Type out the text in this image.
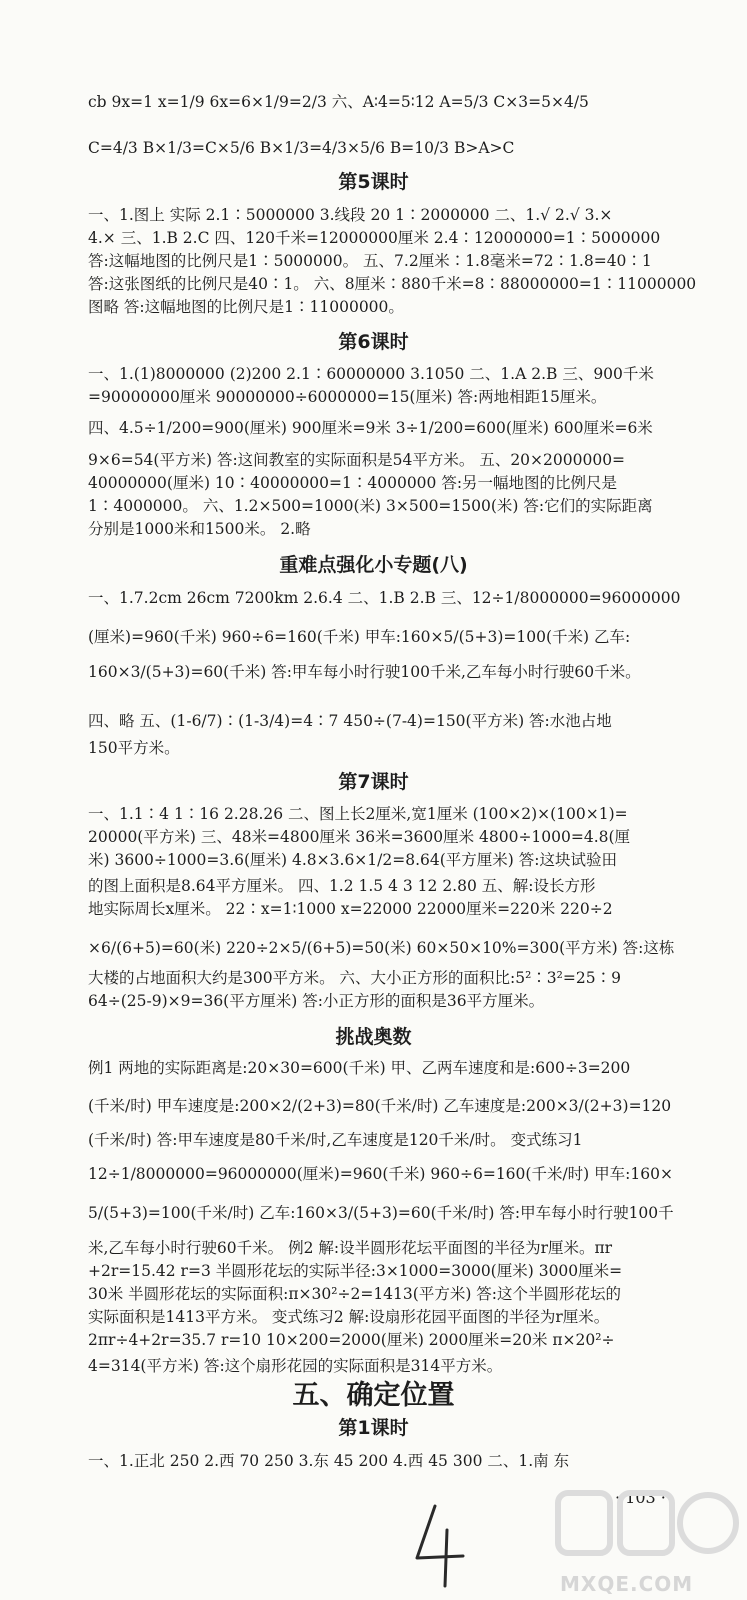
cb 9x=1 x=1/9 6x=6×1/9=2/3 六、A∶4=5∶12 A=5/3 C×3=5×4/5
C=4/3 B×1/3=C×5/6 B×1/3=4/3×5/6 B=10/3 B>A>C
一、1.图上 实际 2.1∶5000000 3.线段 20 1∶2000000 二、1.√ 2.√ 3.×
4.× 三、1.B 2.C 四、120千米=12000000厘米 2.4∶12000000=1∶5000000
答:这幅地图的比例尺是1∶5000000。 五、7.2厘米∶1.8毫米=72∶1.8=40∶1
答:这张图纸的比例尺是40∶1。 六、8厘米∶880千米=8∶88000000=1∶11000000
图略 答:这幅地图的比例尺是1∶11000000。
一、1.(1)8000000 (2)200 2.1∶60000000 3.1050 二、1.A 2.B 三、900千米
=90000000厘米 90000000÷6000000=15(厘米) 答:两地相距15厘米。
四、4.5÷1/200=900(厘米) 900厘米=9米 3÷1/200=600(厘米) 600厘米=6米
9×6=54(平方米) 答:这间教室的实际面积是54平方米。 五、20×2000000=
40000000(厘米) 10∶40000000=1∶4000000 答:另一幅地图的比例尺是
1∶4000000。 六、1.2×500=1000(米) 3×500=1500(米) 答:它们的实际距离
分别是1000米和1500米。 2.略
一、1.7.2cm 26cm 7200km 2.6.4 二、1.B 2.B 三、12÷1/8000000=96000000
(厘米)=960(千米) 960÷6=160(千米) 甲车:160×5/(5+3)=100(千米) 乙车:
160×3/(5+3)=60(千米) 答:甲车每小时行驶100千米,乙车每小时行驶60千米。
四、略 五、(1-6/7)∶(1-3/4)=4∶7 450÷(7-4)=150(平方米) 答:水池占地
150平方米。
一、1.1∶4 1∶16 2.28.26 二、图上长2厘米,宽1厘米 (100×2)×(100×1)=
20000(平方米) 三、48米=4800厘米 36米=3600厘米 4800÷1000=4.8(厘
米) 3600÷1000=3.6(厘米) 4.8×3.6×1/2=8.64(平方厘米) 答:这块试验田
的图上面积是8.64平方厘米。 四、1.2 1.5 4 3 12 2.80 五、解:设长方形
地实际周长x厘米。 22∶x=1∶1000 x=22000 22000厘米=220米 220÷2
×6/(6+5)=60(米) 220÷2×5/(6+5)=50(米) 60×50×10%=300(平方米) 答:这栋
大楼的占地面积大约是300平方米。 六、大小正方形的面积比:5²∶3²=25∶9
64÷(25-9)×9=36(平方厘米) 答:小正方形的面积是36平方厘米。
例1 两地的实际距离是:20×30=600(千米) 甲、乙两车速度和是:600÷3=200
(千米/时) 甲车速度是:200×2/(2+3)=80(千米/时) 乙车速度是:200×3/(2+3)=120
(千米/时) 答:甲车速度是80千米/时,乙车速度是120千米/时。 变式练习1
12÷1/8000000=96000000(厘米)=960(千米) 960÷6=160(千米/时) 甲车:160×
5/(5+3)=100(千米/时) 乙车:160×3/(5+3)=60(千米/时) 答:甲车每小时行驶100千
米,乙车每小时行驶60千米。 例2 解:设半圆形花坛平面图的半径为r厘米。πr
+2r=15.42 r=3 半圆形花坛的实际半径:3×1000=3000(厘米) 3000厘米=
30米 半圆形花坛的实际面积:π×30²÷2=1413(平方米) 答:这个半圆形花坛的
实际面积是1413平方米。 变式练习2 解:设扇形花园平面图的半径为r厘米。
2πr÷4+2r=35.7 r=10 10×200=2000(厘米) 2000厘米=20米 π×20²÷
4=314(平方米) 答:这个扇形花园的实际面积是314平方米。
一、1.正北 250 2.西 70 250 3.东 45 200 4.西 45 300 二、1.南 东
第5课时
第6课时
重难点强化小专题(八)
第7课时
挑战奥数
五、确定位置
第1课时
· 103 ·
MXQE.COM
